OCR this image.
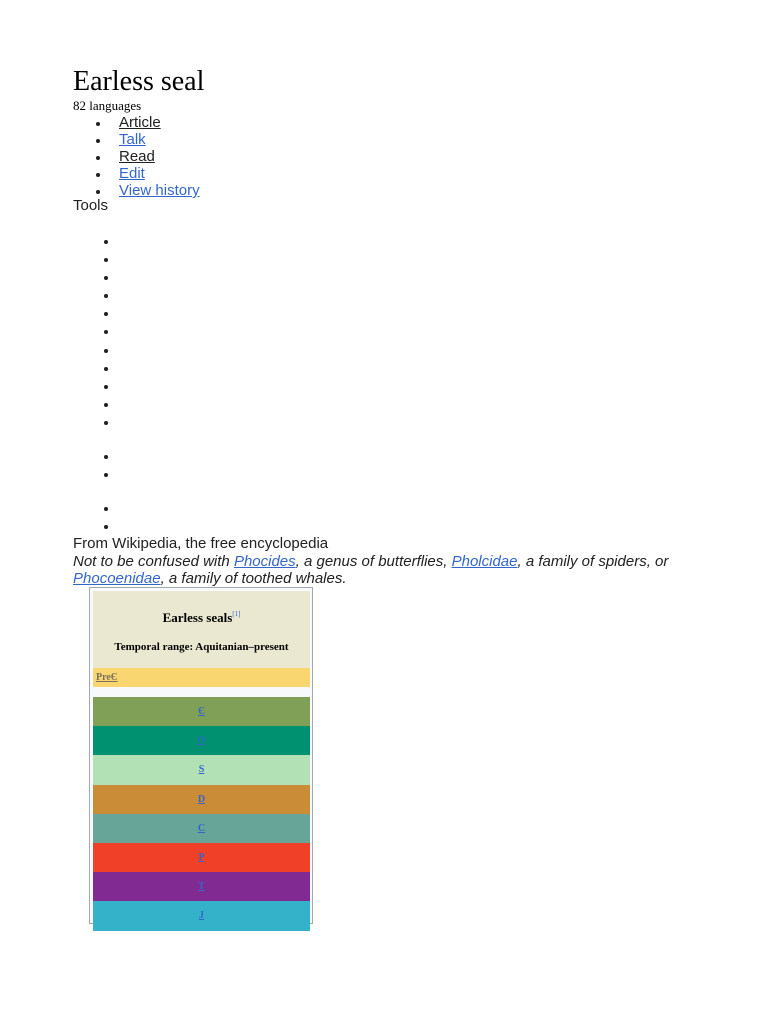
Earless seal
82 languages
Article
Talk
Read
Edit
View history
Tools
From Wikipedia, the free encyclopedia

Not to be confused with Phocides, a genus of butterflies, Pholcidae, a family of spiders, or Phocoenidae, a family of toothed whales.

Earless seals[1]
Temporal range: Aquitanian–present
PreЄ
Є
O
S
D
C
P
T
J
